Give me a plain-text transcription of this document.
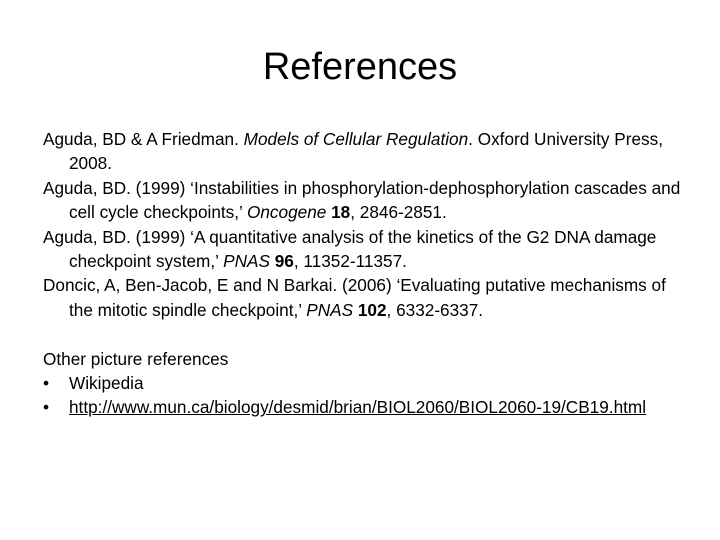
References

Aguda, BD & A Friedman. Models of Cellular Regulation. Oxford University Press, 2008.

Aguda, BD. (1999) ‘Instabilities in phosphorylation-dephosphorylation cascades and cell cycle checkpoints,’ Oncogene 18, 2846-2851.

Aguda, BD. (1999) ‘A quantitative analysis of the kinetics of the G2 DNA damage checkpoint system,’ PNAS 96, 11352-11357.

Doncic, A, Ben-Jacob, E and N Barkai. (2006) ‘Evaluating putative mechanisms of the mitotic spindle checkpoint,’ PNAS 102, 6332-6337.

Other picture references

•	Wikipedia

•	http://www.mun.ca/biology/desmid/brian/BIOL2060/BIOL2060-19/CB19.html
